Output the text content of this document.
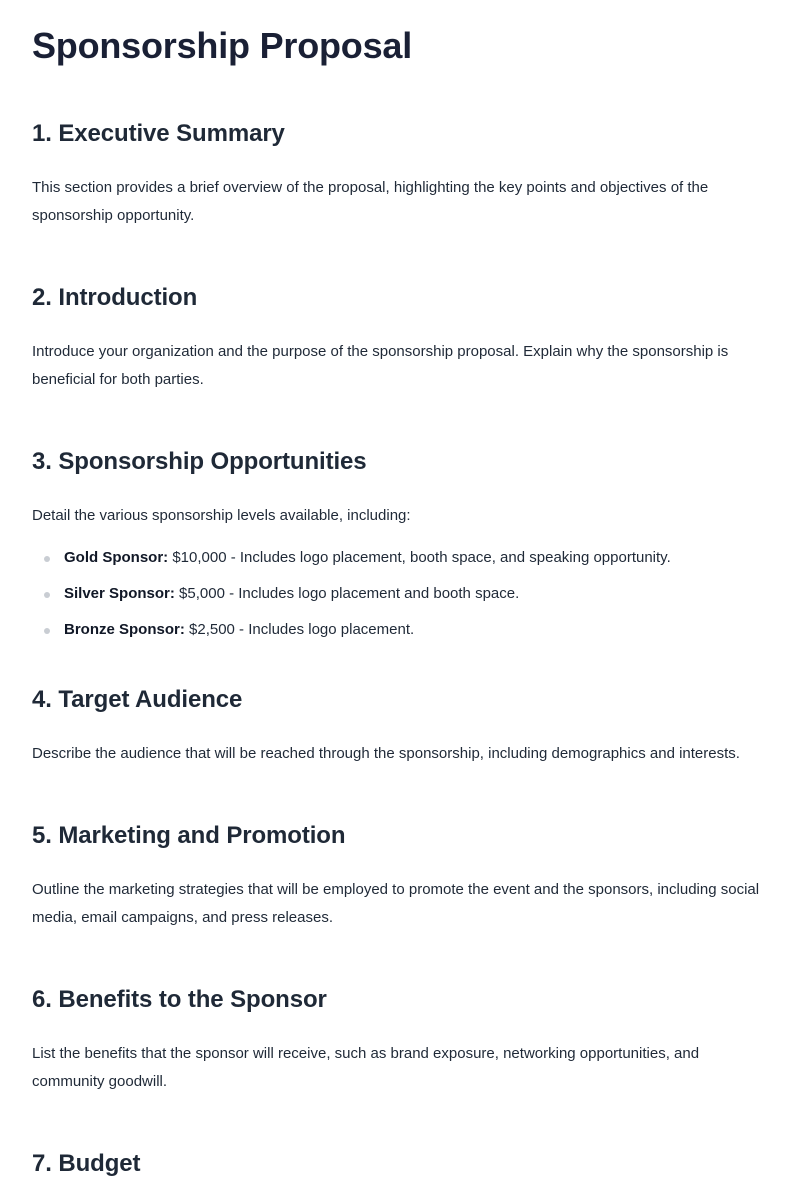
Sponsorship Proposal
1. Executive Summary

This section provides a brief overview of the proposal, highlighting the key points and objectives of the sponsorship opportunity.

2. Introduction

Introduce your organization and the purpose of the sponsorship proposal. Explain why the sponsorship is beneficial for both parties.

3. Sponsorship Opportunities

Detail the various sponsorship levels available, including:

Gold Sponsor: $10,000 - Includes logo placement, booth space, and speaking opportunity.
Silver Sponsor: $5,000 - Includes logo placement and booth space.
Bronze Sponsor: $2,500 - Includes logo placement.
4. Target Audience

Describe the audience that will be reached through the sponsorship, including demographics and interests.

5. Marketing and Promotion

Outline the marketing strategies that will be employed to promote the event and the sponsors, including social media, email campaigns, and press releases.

6. Benefits to the Sponsor

List the benefits that the sponsor will receive, such as brand exposure, networking opportunities, and community goodwill.

7. Budget
